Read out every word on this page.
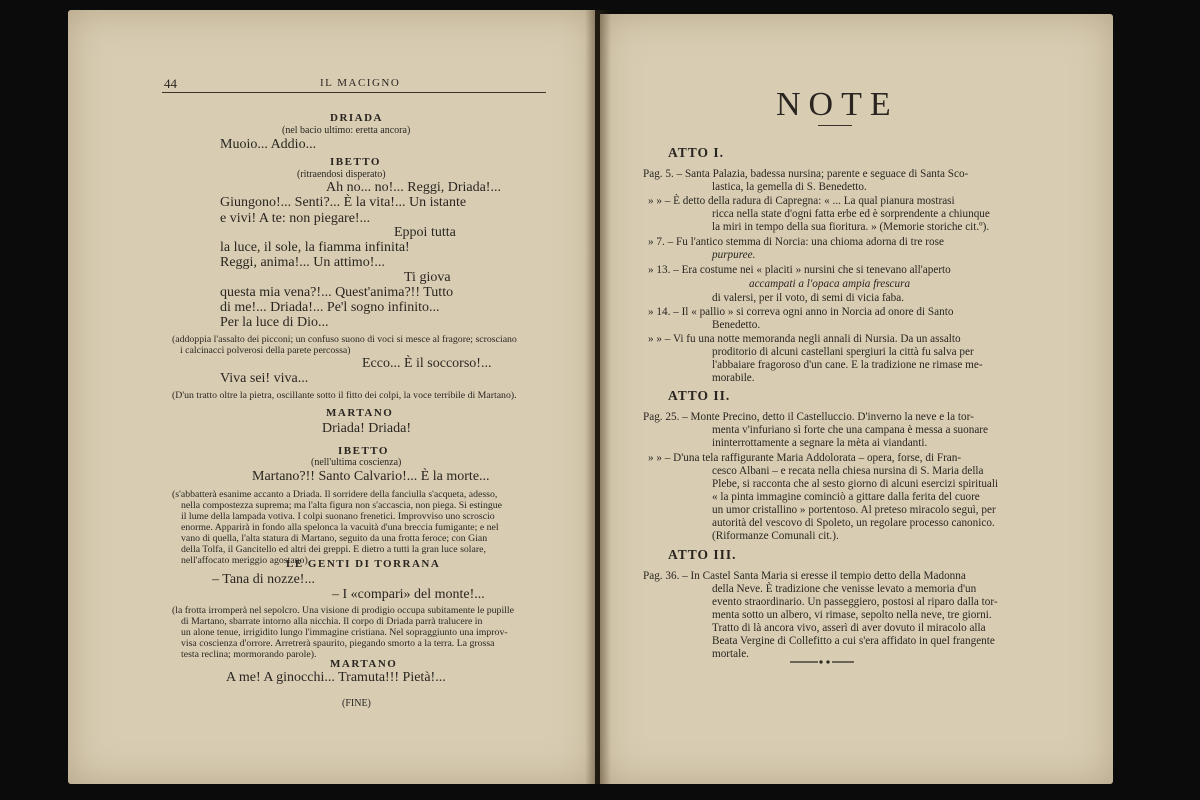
44	IL MACIGNO
DRIADA
(nel bacio ultimo: eretta ancora)
Muoio... Addio...
IBETTO
(ritraendosi disperato)
Ah no... no!... Reggi, Driada!...
Giungono!... Senti?... È la vita!... Un istante
e vivi! A te: non piegare!...
Eppoi tutta
la luce, il sole, la fiamma infinita!
Reggi, anima!... Un attimo!...
Ti giova
questa mia vena?!... Quest'anima?!! Tutto
di me!... Driada!... Pe'l sogno infinito...
Per la luce di Dio...
(addoppia l'assalto dei picconi; un confuso suono di voci si mesce al fragore; scrosciano
i calcinacci polverosi della parete percossa)
Ecco... È il soccorso!...
Viva sei! viva...
(D'un tratto oltre la pietra, oscillante sotto il fitto dei colpi, la voce terribile di Martano).
MARTANO
Driada! Driada!
IBETTO
(nell'ultima coscienza)
Martano?!! Santo Calvario!... È la morte...
(s'abbatterà esanime accanto a Driada. Il sorridere della fanciulla s'acqueta, adesso,
nella compostezza suprema; ma l'alta figura non s'accascia, non piega. Si estingue
il lume della lampada votiva. I colpi suonano frenetici. Improvviso uno scroscio
enorme. Apparirà in fondo alla spelonca la vacuità d'una breccia fumigante; e nel
vano di quella, l'alta statura di Martano, seguito da una frotta feroce; con Gian
della Tolfa, il Gancitello ed altri dei greppi. E dietro a tutti la gran luce solare,
nell'affocato meriggio agostano).
LE GENTI DI TORRANA
– Tana di nozze!...
– I «compari» del monte!...
(la frotta irromperà nel sepolcro. Una visione di prodigio occupa subitamente le pupille
di Martano, sbarrate intorno alla nicchia. Il corpo di Driada parrà tralucere in
un alone tenue, irrigidito lungo l'immagine cristiana. Nel sopraggiunto una improv-
visa coscienza d'orrore. Arretrerà spaurito, piegando smorto a la terra. La grossa
testa reclina; mormorando parole).
MARTANO
A me! A ginocchi... Tramuta!!! Pietà!...
(FINE)
NOTE
ATTO I.
Pag. 5. – Santa Palazia, badessa nursina; parente e seguace di Santa Sco-
lastica, la gemella di S. Benedetto.
» » – È detto della radura di Capregna: « ... La qual pianura mostrasi
ricca nella state d'ogni fatta erbe ed è sorprendente a chiunque
la miri in tempo della sua fioritura. » (Memorie storiche cit.º).
» 7. – Fu l'antico stemma di Norcia: una chioma adorna di tre rose
purpuree.
» 13. – Era costume nei « placiti » nursini che si tenevano all'aperto
accampati a l'opaca ampia frescura
di valersi, per il voto, di semi di vicia faba.
» 14. – Il « pallio » si correva ogni anno in Norcia ad onore di Santo
Benedetto.
» » – Vi fu una notte memoranda negli annali di Nursia. Da un assalto
proditorio di alcuni castellani spergiuri la città fu salva per
l'abbaiare fragoroso d'un cane. E la tradizione ne rimase me-
morabile.
ATTO II.
Pag. 25. – Monte Precino, detto il Castelluccio. D'inverno la neve e la tor-
menta v'infuriano sì forte che una campana è messa a suonare
ininterrottamente a segnare la mèta ai viandanti.
» » – D'una tela raffigurante Maria Addolorata – opera, forse, di Fran-
cesco Albani – e recata nella chiesa nursina di S. Maria della
Plebe, si racconta che al sesto giorno di alcuni esercizi spirituali
« la pinta immagine cominciò a gittare dalla ferita del cuore
un umor cristallino » portentoso. Al preteso miracolo seguì, per
autorità del vescovo di Spoleto, un regolare processo canonico.
(Riformanze Comunali cit.).
ATTO III.
Pag. 36. – In Castel Santa Maria si eresse il tempio detto della Madonna
della Neve. È tradizione che venisse levato a memoria d'un
evento straordinario. Un passeggiero, postosi al riparo dalla tor-
menta sotto un albero, vi rimase, sepolto nella neve, tre giorni.
Tratto di là ancora vivo, asserì di aver dovuto il miracolo alla
Beata Vergine di Collefitto a cui s'era affidato in quel frangente
mortale.
